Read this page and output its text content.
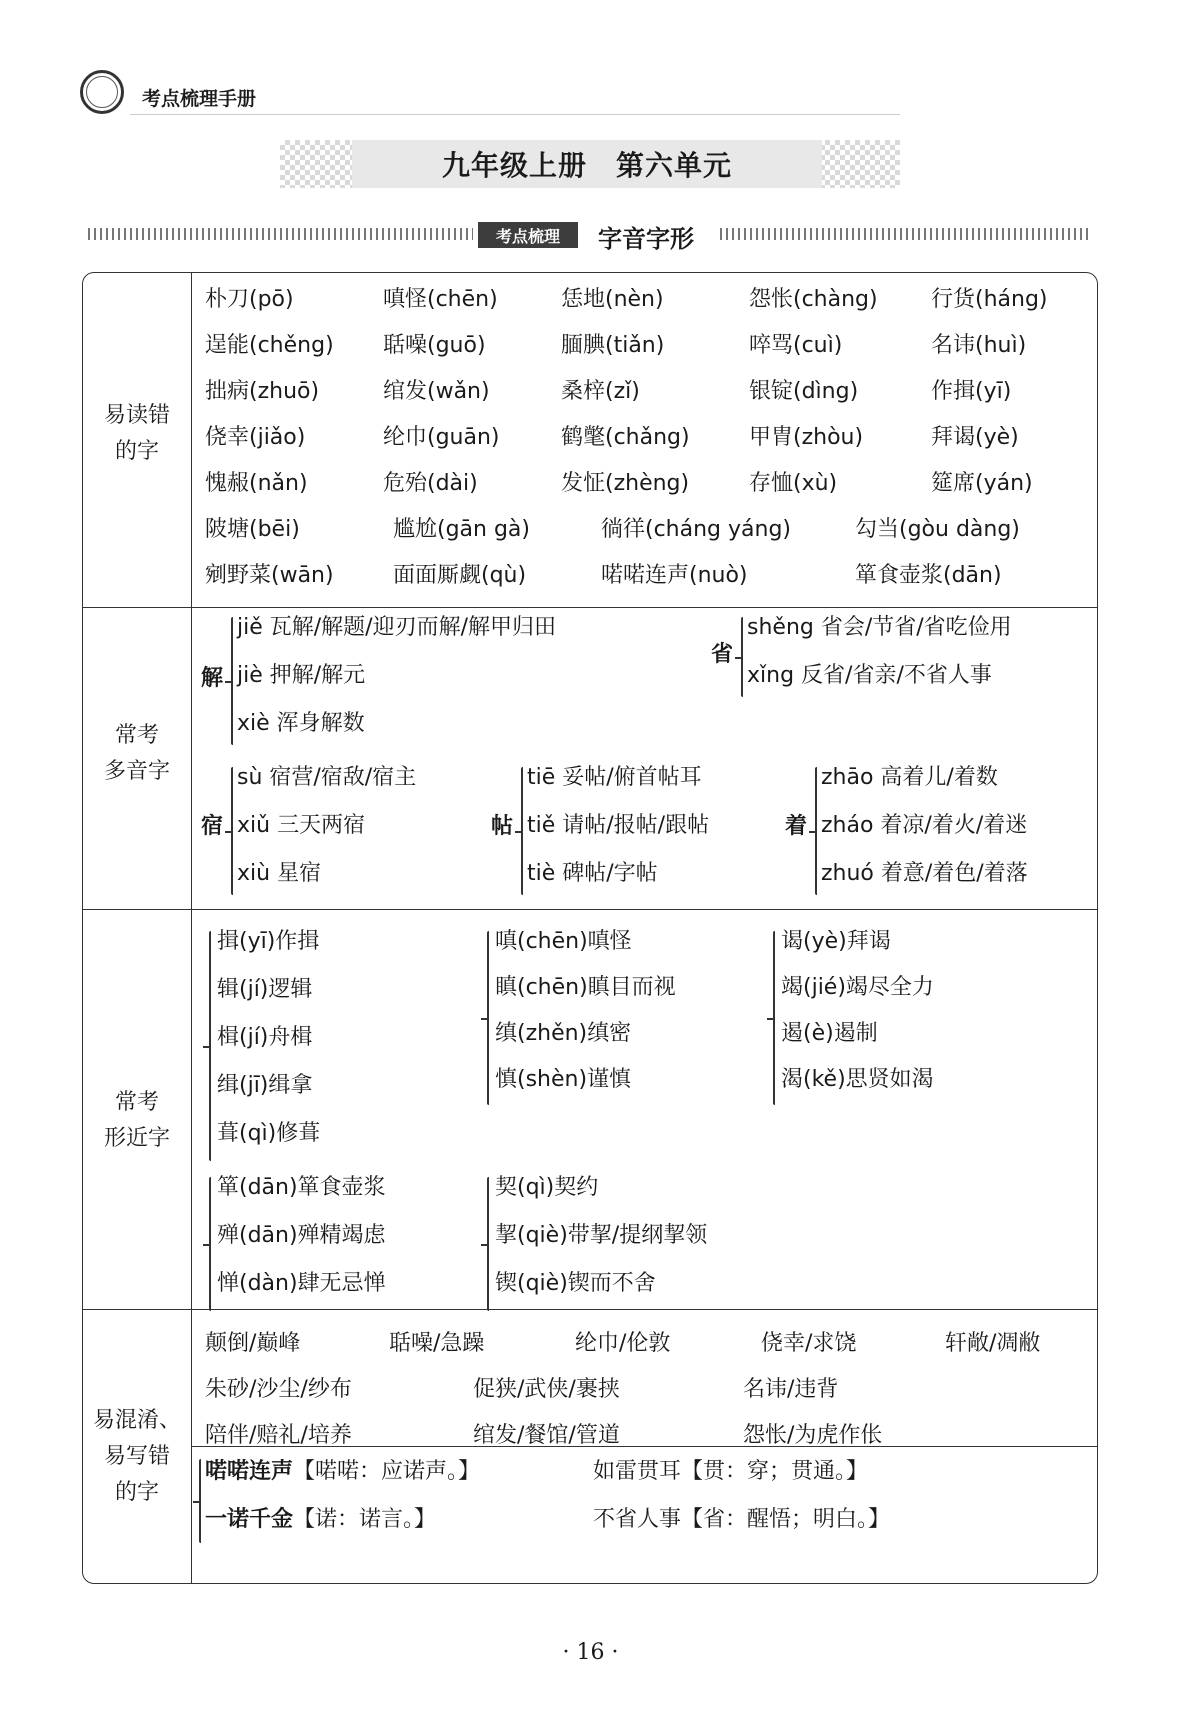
考点梳理手册
九年级上册　第六单元
考点梳理	字音字形
易读错
的字
常考
多音字
解
jiě 瓦解/解题/迎刃而解/解甲归田
jiè 押解/解元
xiè 浑身解数
省
shěng 省会/节省/省吃俭用
xǐng 反省/省亲/不省人事
宿
sù 宿营/宿敌/宿主
xiǔ 三天两宿
xiù 星宿
帖
tiē 妥帖/俯首帖耳
tiě 请帖/报帖/跟帖
tiè 碑帖/字帖
着
zhāo 高着儿/着数
zháo 着凉/着火/着迷
zhuó 着意/着色/着落
常考
形近字
易混淆、
易写错
的字
喏喏连声【喏喏：应诺声。】
一诺千金【诺：诺言。】
如雷贯耳【贯：穿；贯通。】
不省人事【省：醒悟；明白。】
朴刀(pō)	嗔怪(chēn)	恁地(nèn)	怨怅(chàng) 行货(háng)
逞能(chěng) 聒噪(guō)	腼腆(tiǎn)	啐骂(cuì)	名讳(huì)
拙病(zhuō)	绾发(wǎn)	桑梓(zǐ)	银锭(dìng)	作揖(yī)
侥幸(jiǎo)	纶巾(guān)	鹤氅(chǎng)	甲胄(zhòu)	拜谒(yè)
愧赧(nǎn)	危殆(dài)	发怔(zhèng)	存恤(xù)	筵席(yán)
陂塘(bēi)	尴尬(gān gà)	徜徉(cháng yáng)	勾当(gòu dàng)
剜野菜(wān)	面面厮觑(qù)	喏喏连声(nuò)	箪食壶浆(dān)
揖(yī)作揖
辑(jí)逻辑
楫(jí)舟楫
缉(jī)缉拿
葺(qì)修葺
嗔(chēn)嗔怪
瞋(chēn)瞋目而视
缜(zhěn)缜密
慎(shèn)谨慎
谒(yè)拜谒
竭(jié)竭尽全力
遏(è)遏制
渴(kě)思贤如渴
箪(dān)箪食壶浆
殚(dān)殚精竭虑
惮(dàn)肆无忌惮
契(qì)契约
挈(qiè)带挈/提纲挈领
锲(qiè)锲而不舍
颠倒/巅峰	聒噪/急躁	纶巾/伦敦	侥幸/求饶	轩敞/凋敝
朱砂/沙尘/纱布	促狭/武侠/裹挟	名讳/违背
陪伴/赔礼/培养	绾发/餐馆/管道	怨怅/为虎作伥
· 16 ·
